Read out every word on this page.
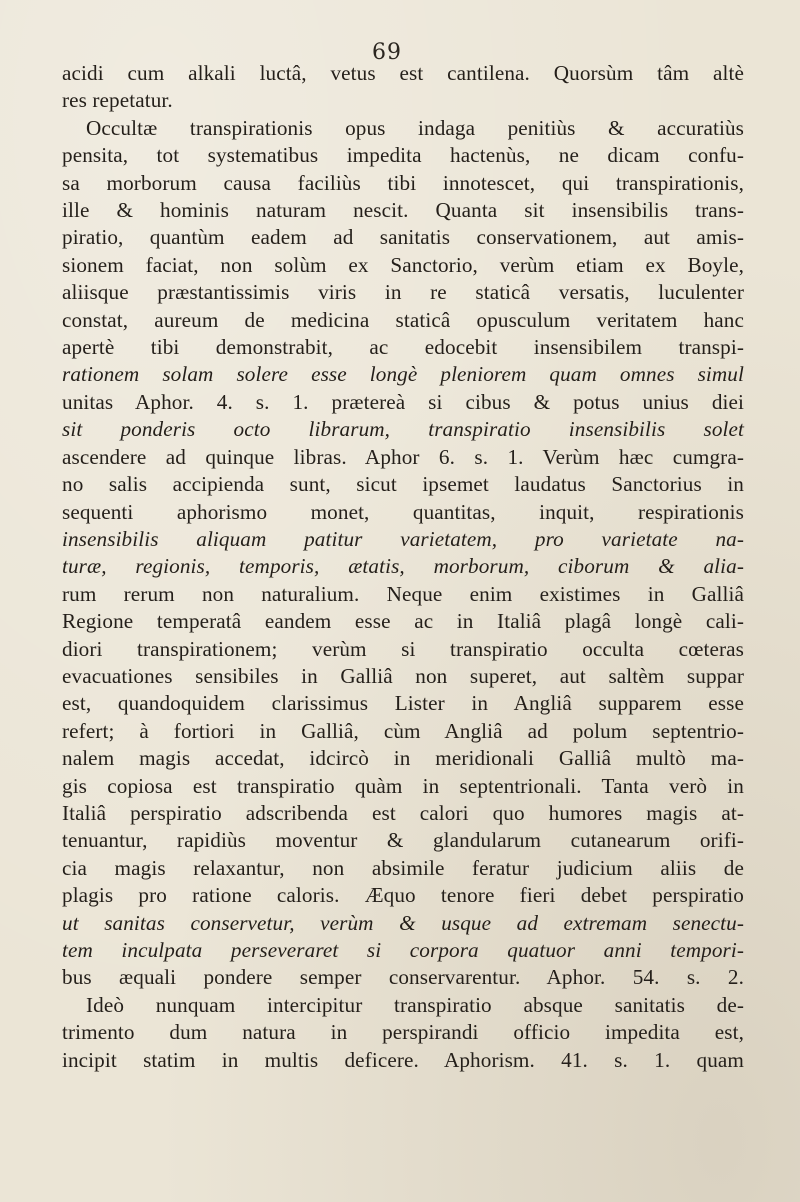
69
acidi cum alkali luctâ, vetus est cantilena. Quorsùm tâm altè
res repetatur.
Occultæ transpirationis opus indaga penitiùs & accuratiùs
pensita, tot systematibus impedita hactenùs, ne dicam confu-
sa morborum causa faciliùs tibi innotescet, qui transpirationis,
ille & hominis naturam nescit. Quanta sit insensibilis trans-
piratio, quantùm eadem ad sanitatis conservationem, aut amis-
sionem faciat, non solùm ex Sanctorio, verùm etiam ex Boyle,
aliisque præstantissimis viris in re staticâ versatis, luculenter
constat, aureum de medicina staticâ opusculum veritatem hanc
apertè tibi demonstrabit, ac edocebit insensibilem transpi-
rationem solam solere esse longè pleniorem quam omnes simul
unitas Aphor. 4. s. 1. prætereà si cibus & potus unius diei
sit ponderis octo librarum, transpiratio insensibilis solet
ascendere ad quinque libras. Aphor 6. s. 1. Verùm hæc cumgra-
no salis accipienda sunt, sicut ipsemet laudatus Sanctorius in
sequenti aphorismo monet, quantitas, inquit, respirationis
insensibilis aliquam patitur varietatem, pro varietate na-
turæ, regionis, temporis, ætatis, morborum, ciborum & alia-
rum rerum non naturalium. Neque enim existimes in Galliâ
Regione temperatâ eandem esse ac in Italiâ plagâ longè cali-
diori transpirationem; verùm si transpiratio occulta cœteras
evacuationes sensibiles in Galliâ non superet, aut saltèm suppar
est, quandoquidem clarissimus Lister in Angliâ supparem esse
refert; à fortiori in Galliâ, cùm Angliâ ad polum septentrio-
nalem magis accedat, idcircò in meridionali Galliâ multò ma-
gis copiosa est transpiratio quàm in septentrionali. Tanta verò in
Italiâ perspiratio adscribenda est calori quo humores magis at-
tenuantur, rapidiùs moventur & glandularum cutanearum orifi-
cia magis relaxantur, non absimile feratur judicium aliis de
plagis pro ratione caloris. Æquo tenore fieri debet perspiratio
ut sanitas conservetur, verùm & usque ad extremam senectu-
tem inculpata perseveraret si corpora quatuor anni tempori-
bus æquali pondere semper conservarentur. Aphor. 54. s. 2.
Ideò nunquam intercipitur transpiratio absque sanitatis de-
trimento dum natura in perspirandi officio impedita est,
incipit statim in multis deficere. Aphorism. 41. s. 1. quam
